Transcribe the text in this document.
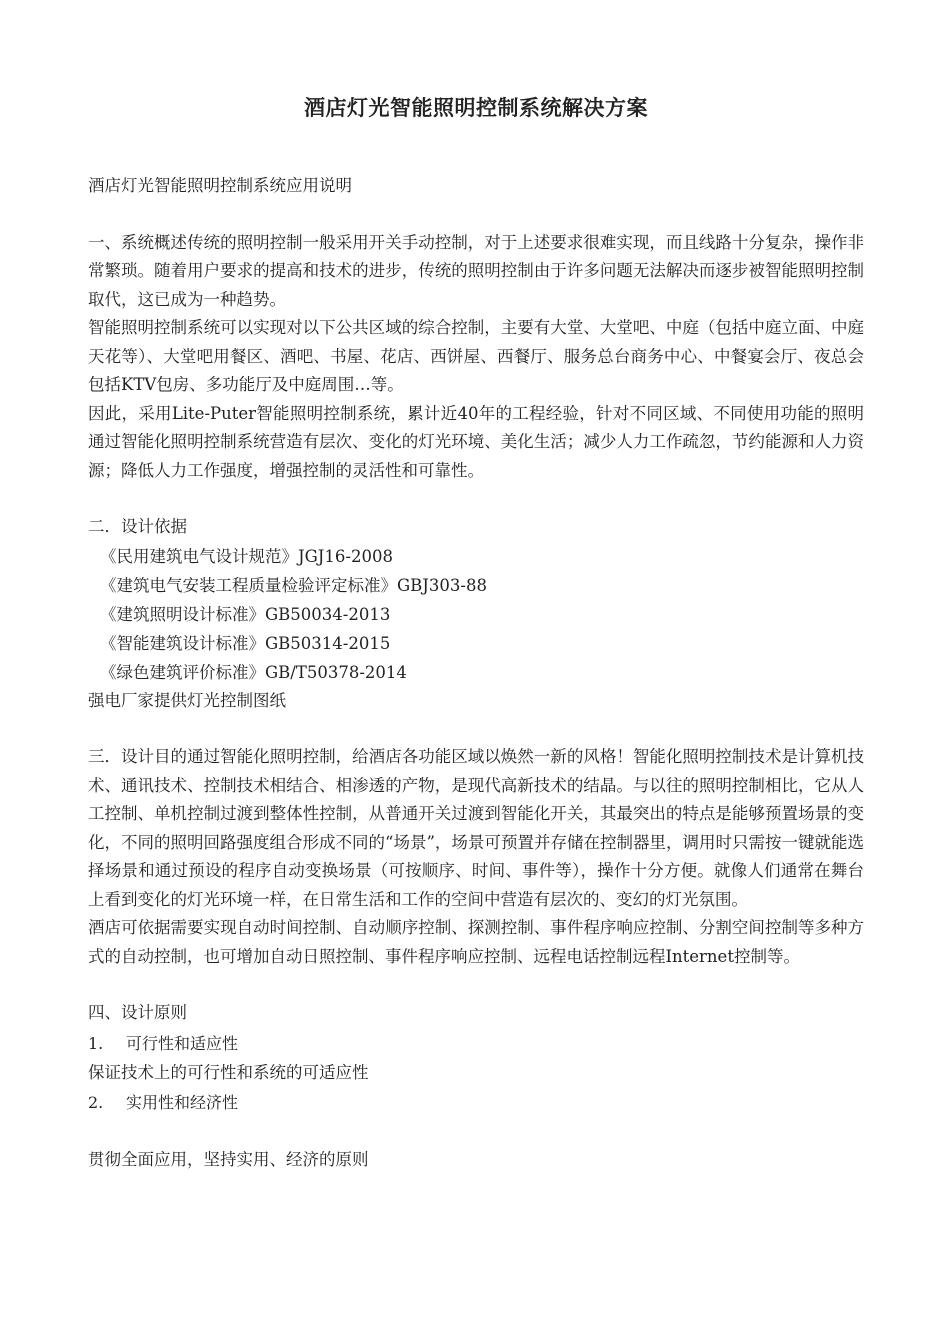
酒店灯光智能照明控制系统解决方案

酒店灯光智能照明控制系统应用说明

一、系统概述传统的照明控制一般采用开关手动控制，对于上述要求很难实现，而且线路十分复杂，操作非常繁琐。随着用户要求的提高和技术的进步，传统的照明控制由于许多问题无法解决而逐步被智能照明控制取代，这已成为一种趋势。

智能照明控制系统可以实现对以下公共区域的综合控制，主要有大堂、大堂吧、中庭（包括中庭立面、中庭天花等）、大堂吧用餐区、酒吧、书屋、花店、西饼屋、西餐厅、服务总台商务中心、中餐宴会厅、夜总会包括KTV包房、多功能厅及中庭周围…等。

因此，采用Lite-Puter智能照明控制系统，累计近40年的工程经验，针对不同区域、不同使用功能的照明通过智能化照明控制系统营造有层次、变化的灯光环境、美化生活；减少人力工作疏忽，节约能源和人力资源；降低人力工作强度，增强控制的灵活性和可靠性。

二．设计依据

《民用建筑电气设计规范》JGJ16-2008

《建筑电气安装工程质量检验评定标准》GBJ303-88

《建筑照明设计标准》GB50034-2013

《智能建筑设计标准》GB50314-2015

《绿色建筑评价标准》GB/T50378-2014

强电厂家提供灯光控制图纸

三．设计目的通过智能化照明控制，给酒店各功能区域以焕然一新的风格！智能化照明控制技术是计算机技术、通讯技术、控制技术相结合、相渗透的产物，是现代高新技术的结晶。与以往的照明控制相比，它从人工控制、单机控制过渡到整体性控制，从普通开关过渡到智能化开关，其最突出的特点是能够预置场景的变化，不同的照明回路强度组合形成不同的“场景”，场景可预置并存储在控制器里，调用时只需按一键就能选择场景和通过预设的程序自动变换场景（可按顺序、时间、事件等），操作十分方便。就像人们通常在舞台上看到变化的灯光环境一样，在日常生活和工作的空间中营造有层次的、变幻的灯光氛围。

酒店可依据需要实现自动时间控制、自动顺序控制、探测控制、事件程序响应控制、分割空间控制等多种方式的自动控制，也可增加自动日照控制、事件程序响应控制、远程电话控制远程Internet控制等。

四、设计原则

1.	可行性和适应性

保证技术上的可行性和系统的可适应性

2.	实用性和经济性

贯彻全面应用，坚持实用、经济的原则
